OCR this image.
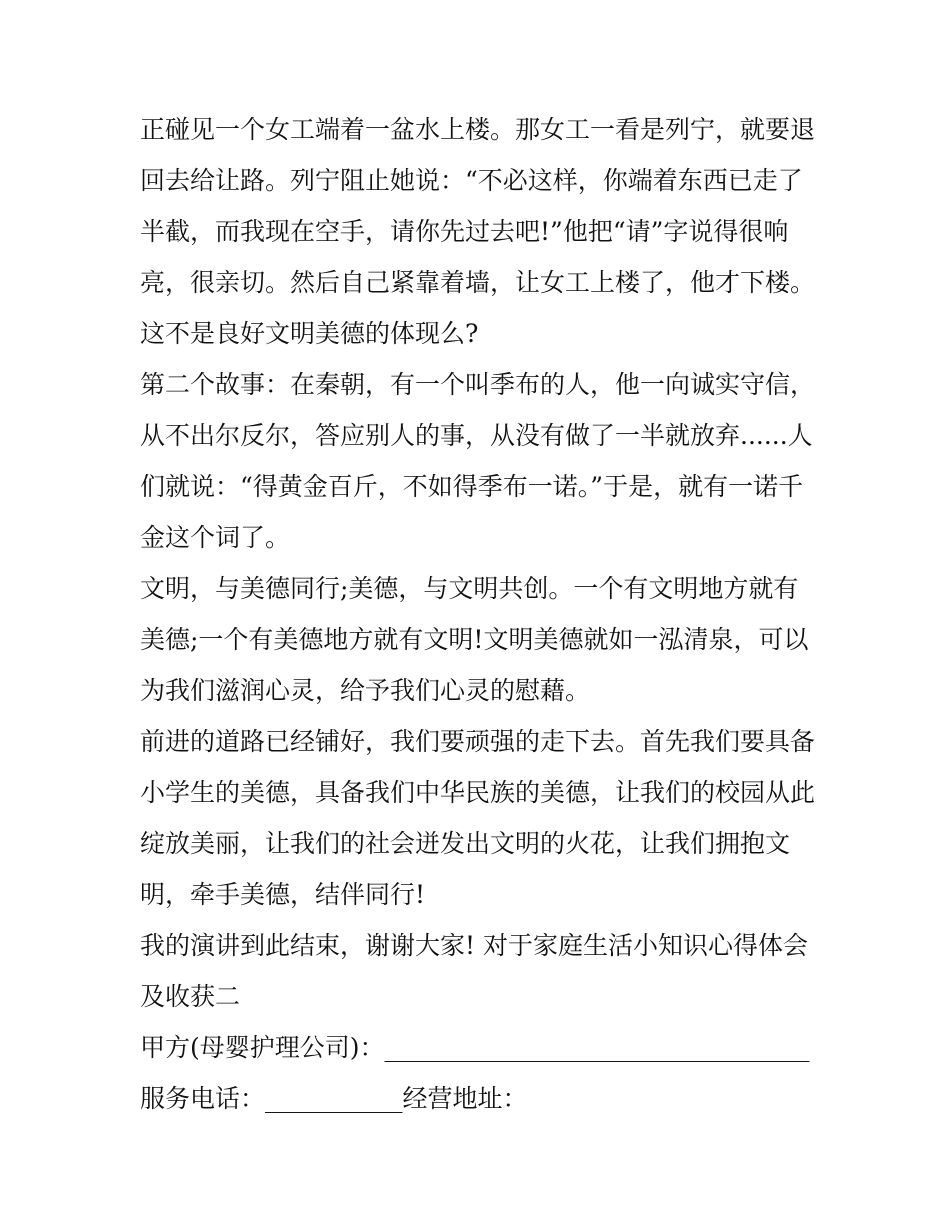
正碰见一个女工端着一盆水上楼。那女工一看是列宁，就要退
回去给让路。列宁阻止她说：“不必这样，你端着东西已走了
半截，而我现在空手，请你先过去吧!”他把“请”字说得很响
亮，很亲切。然后自己紧靠着墙，让女工上楼了，他才下楼。
这不是良好文明美德的体现么?
第二个故事：在秦朝，有一个叫季布的人，他一向诚实守信，
从不出尔反尔，答应别人的事，从没有做了一半就放弃......人
们就说：“得黄金百斤，不如得季布一诺。”于是，就有一诺千
金这个词了。
文明，与美德同行;美德，与文明共创。一个有文明地方就有
美德;一个有美德地方就有文明!文明美德就如一泓清泉，可以
为我们滋润心灵，给予我们心灵的慰藉。
前进的道路已经铺好，我们要顽强的走下去。首先我们要具备
小学生的美德，具备我们中华民族的美德，让我们的校园从此
绽放美丽，让我们的社会迸发出文明的火花，让我们拥抱文
明，牵手美德，结伴同行!
我的演讲到此结束，谢谢大家! 对于家庭生活小知识心得体会
及收获二
甲方(母婴护理公司)：__________________________________
服务电话：___________经营地址：
